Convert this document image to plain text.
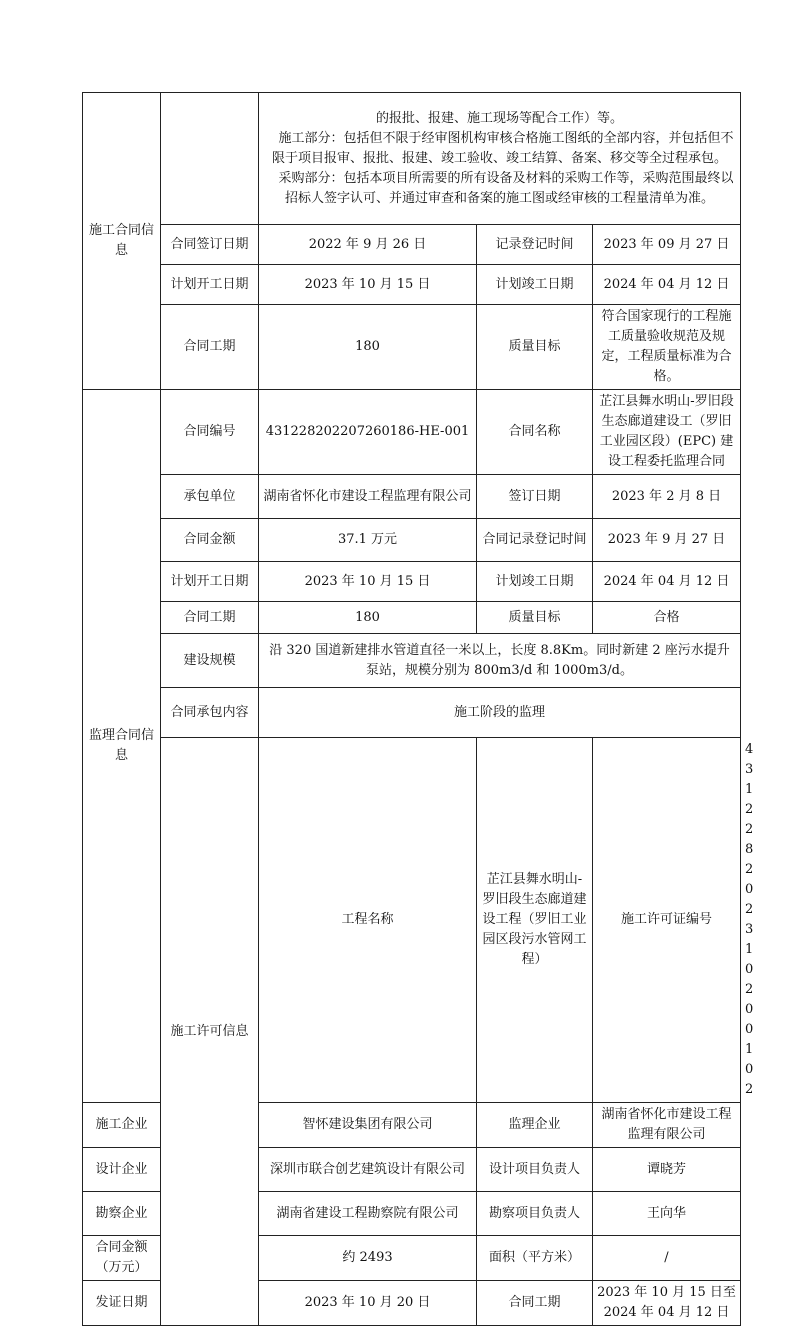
施工合同信息		的报批、报建、施工现场等配合工作）等。

施工部分：包括但不限于经审图机构审核合格施工图纸的全部内容，并包括但不限于项目报审、报批、报建、竣工验收、竣工结算、备案、移交等全过程承包。

采购部分：包括本项目所需要的所有设备及材料的采购工作等，采购范围最终以招标人签字认可、并通过审查和备案的施工图或经审核的工程量清单为准。			

	合同签订日期	2022 年 9 月 26 日	记录登记时间	2023 年 09 月 27 日	
	计划开工日期	2023 年 10 月 15 日	计划竣工日期	2024 年 04 月 12 日	
	合同工期	180	质量目标	符合国家现行的工程施工质量验收规范及规定，工程质量标准为合格。	
监理合同信息	合同编号	431228202207260186-HE-001	合同名称	芷江县舞水明山-罗旧段生态廊道建设工（罗旧工业园区段）(EPC) 建设工程委托监理合同	
	承包单位	湖南省怀化市建设工程监理有限公司	签订日期	2023 年 2 月 8 日	
	合同金额	37.1 万元	合同记录登记时间	2023 年 9 月 27 日	
	计划开工日期	2023 年 10 月 15 日	计划竣工日期	2024 年 04 月 12 日	
	合同工期	180	质量目标	合格	
	建设规模	沿 320 国道新建排水管道直径一米以上，长度 8.8Km。同时新建 2 座污水提升泵站，规模分别为 800m3/d 和 1000m3/d。			
	合同承包内容	施工阶段的监理			
	施工许可信息	工程名称	芷江县舞水明山-罗旧段生态廊道建设工程（罗旧工业园区段污水管网工程）	施工许可证编号	431228202310200102
施工企业		智怀建设集团有限公司	监理企业	湖南省怀化市建设工程监理有限公司	
设计企业		深圳市联合创艺建筑设计有限公司	设计项目负责人	谭晓芳	
勘察企业		湖南省建设工程勘察院有限公司	勘察项目负责人	王向华	
合同金额（万元）		约 2493	面积（平方米）	/	
发证日期		2023 年 10 月 20 日	合同工期	2023 年 10 月 15 日至 2024 年 04 月 12 日	
